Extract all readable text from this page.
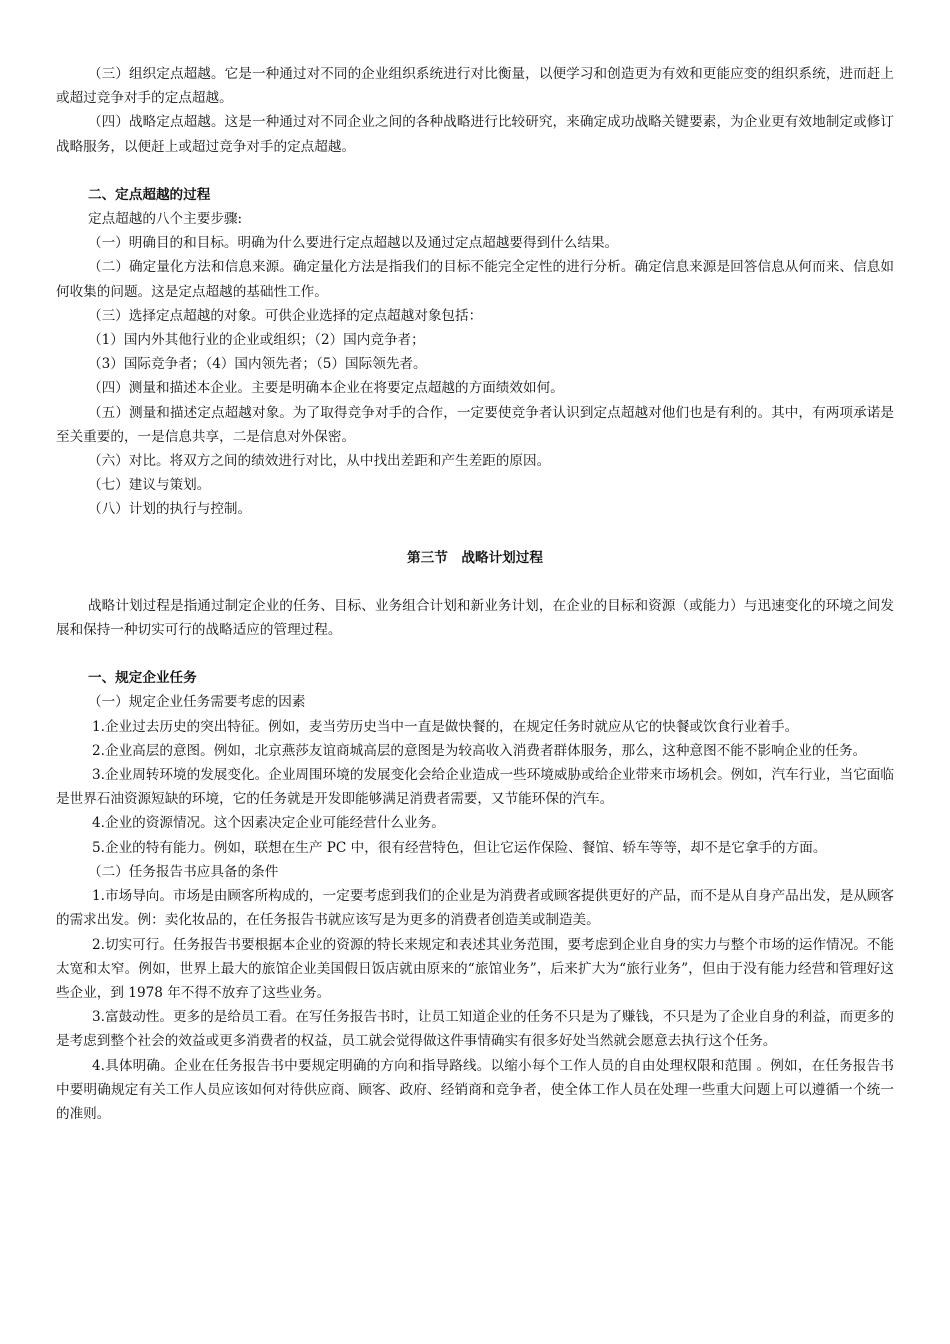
（三）组织定点超越。它是一种通过对不同的企业组织系统进行对比衡量，以便学习和创造更为有效和更能应变的组织系统，进而赶上或超过竞争对手的定点超越。

（四）战略定点超越。这是一种通过对不同企业之间的各种战略进行比较研究，来确定成功战略关键要素，为企业更有效地制定或修订战略服务，以便赶上或超过竞争对手的定点超越。

二、定点超越的过程

定点超越的八个主要步骤:

（一）明确目的和目标。明确为什么要进行定点超越以及通过定点超越要得到什么结果。

（二）确定量化方法和信息来源。确定量化方法是指我们的目标不能完全定性的进行分析。确定信息来源是回答信息从何而来、信息如何收集的问题。这是定点超越的基础性工作。

（三）选择定点超越的对象。可供企业选择的定点超越对象包括：

（1）国内外其他行业的企业或组织；（2）国内竞争者；

（3）国际竞争者；（4）国内领先者；（5）国际领先者。

（四）测量和描述本企业。主要是明确本企业在将要定点超越的方面绩效如何。

（五）测量和描述定点超越对象。为了取得竞争对手的合作，一定要使竞争者认识到定点超越对他们也是有利的。其中，有两项承诺是至关重要的，一是信息共享，二是信息对外保密。

（六）对比。将双方之间的绩效进行对比，从中找出差距和产生差距的原因。

（七）建议与策划。

（八）计划的执行与控制。

第三节　战略计划过程

战略计划过程是指通过制定企业的任务、目标、业务组合计划和新业务计划，在企业的目标和资源（或能力）与迅速变化的环境之间发展和保持一种切实可行的战略适应的管理过程。

一、规定企业任务

（一）规定企业任务需要考虑的因素

1.企业过去历史的突出特征。例如，麦当劳历史当中一直是做快餐的，在规定任务时就应从它的快餐或饮食行业着手。

2.企业高层的意图。例如，北京燕莎友谊商城高层的意图是为较高收入消费者群体服务，那么，这种意图不能不影响企业的任务。

3.企业周转环境的发展变化。企业周围环境的发展变化会给企业造成一些环境威胁或给企业带来市场机会。例如，汽车行业，当它面临是世界石油资源短缺的环境，它的任务就是开发即能够满足消费者需要，又节能环保的汽车。

4.企业的资源情况。这个因素决定企业可能经营什么业务。

5.企业的特有能力。例如，联想在生产 PC 中，很有经营特色，但让它运作保险、餐馆、轿车等等，却不是它拿手的方面。

（二）任务报告书应具备的条件

1.市场导向。市场是由顾客所构成的，一定要考虑到我们的企业是为消费者或顾客提供更好的产品，而不是从自身产品出发，是从顾客的需求出发。例：卖化妆品的，在任务报告书就应该写是为更多的消费者创造美或制造美。

2.切实可行。任务报告书要根据本企业的资源的特长来规定和表述其业务范围，要考虑到企业自身的实力与整个市场的运作情况。不能太宽和太窄。例如，世界上最大的旅馆企业美国假日饭店就由原来的“旅馆业务”，后来扩大为“旅行业务”，但由于没有能力经营和管理好这些企业，到 1978 年不得不放弃了这些业务。

3.富鼓动性。更多的是给员工看。在写任务报告书时，让员工知道企业的任务不只是为了赚钱，不只是为了企业自身的利益，而更多的是考虑到整个社会的效益或更多消费者的权益，员工就会觉得做这件事情确实有很多好处当然就会愿意去执行这个任务。

4.具体明确。企业在任务报告书中要规定明确的方向和指导路线。以缩小每个工作人员的自由处理权限和范围 。例如，在任务报告书中要明确规定有关工作人员应该如何对待供应商、顾客、政府、经销商和竞争者，使全体工作人员在处理一些重大问题上可以遵循一个统一的准则。
